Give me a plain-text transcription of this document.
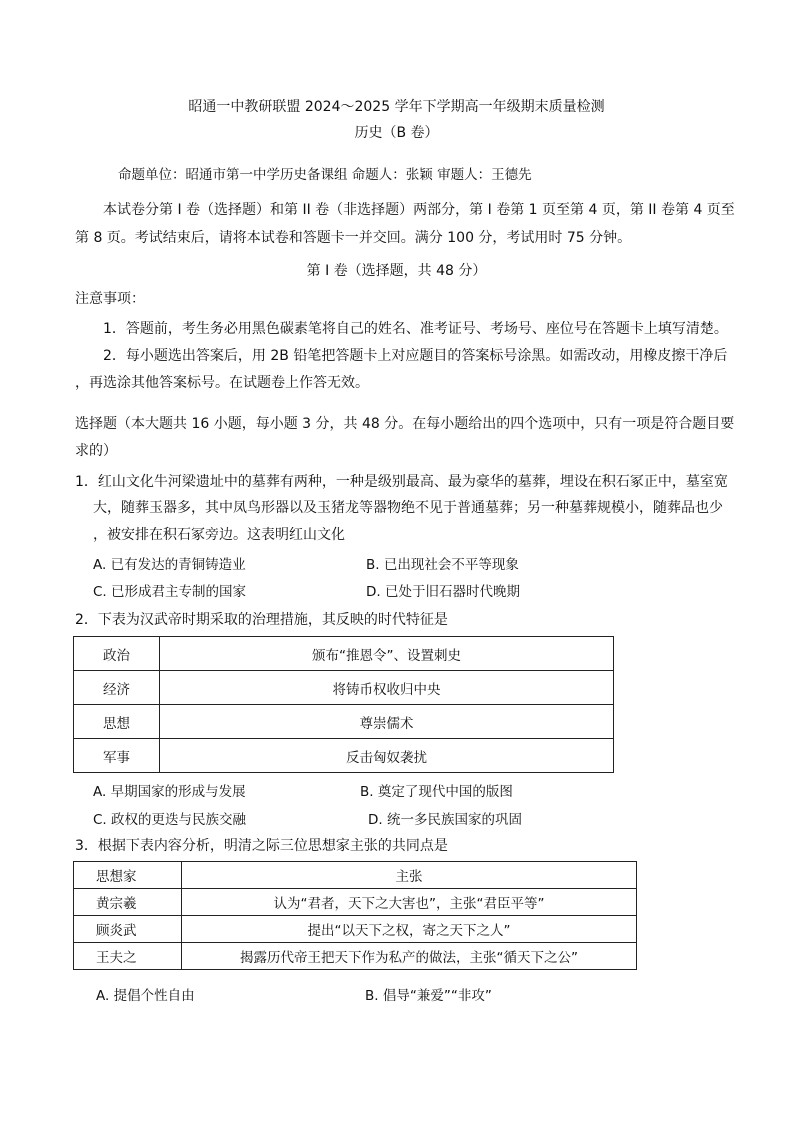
昭通一中教研联盟 2024～2025 学年下学期高一年级期末质量检测
历史（B 卷）
命题单位：昭通市第一中学历史备课组 命题人：张颖 审题人：王德先
本试卷分第 I 卷（选择题）和第 II 卷（非选择题）两部分，第 I 卷第 1 页至第 4 页，第 II 卷第 4 页至
第 8 页。考试结束后，请将本试卷和答题卡一并交回。满分 100 分，考试用时 75 分钟。
第 I 卷（选择题，共 48 分）
注意事项：
1．答题前，考生务必用黑色碳素笔将自己的姓名、准考证号、考场号、座位号在答题卡上填写清楚。
2．每小题选出答案后，用 2B 铅笔把答题卡上对应题目的答案标号涂黑。如需改动，用橡皮擦干净后
，再选涂其他答案标号。在试题卷上作答无效。
选择题（本大题共 16 小题，每小题 3 分，共 48 分。在每小题给出的四个选项中，只有一项是符合题目要
求的）
1．红山文化牛河梁遗址中的墓葬有两种，一种是级别最高、最为豪华的墓葬，埋设在积石冢正中，墓室宽
大，随葬玉器多，其中凤鸟形器以及玉猪龙等器物绝不见于普通墓葬；另一种墓葬规模小，随葬品也少
，被安排在积石冢旁边。这表明红山文化
A. 已有发达的青铜铸造业	B. 已出现社会不平等现象
C. 已形成君主专制的国家	D. 已处于旧石器时代晚期
2．下表为汉武帝时期采取的治理措施，其反映的时代特征是
政治	颁布“推恩令”、设置刺史
经济	将铸币权收归中央
思想	尊崇儒术
军事	反击匈奴袭扰
A. 早期国家的形成与发展	B. 奠定了现代中国的版图
C. 政权的更迭与民族交融	D. 统一多民族国家的巩固
3．根据下表内容分析，明清之际三位思想家主张的共同点是
思想家	主张
黄宗羲	认为“君者，天下之大害也”，主张“君臣平等”
顾炎武	提出“以天下之权，寄之天下之人”
王夫之	揭露历代帝王把天下作为私产的做法，主张“循天下之公”
A. 提倡个性自由	B. 倡导“兼爱”“非攻”
